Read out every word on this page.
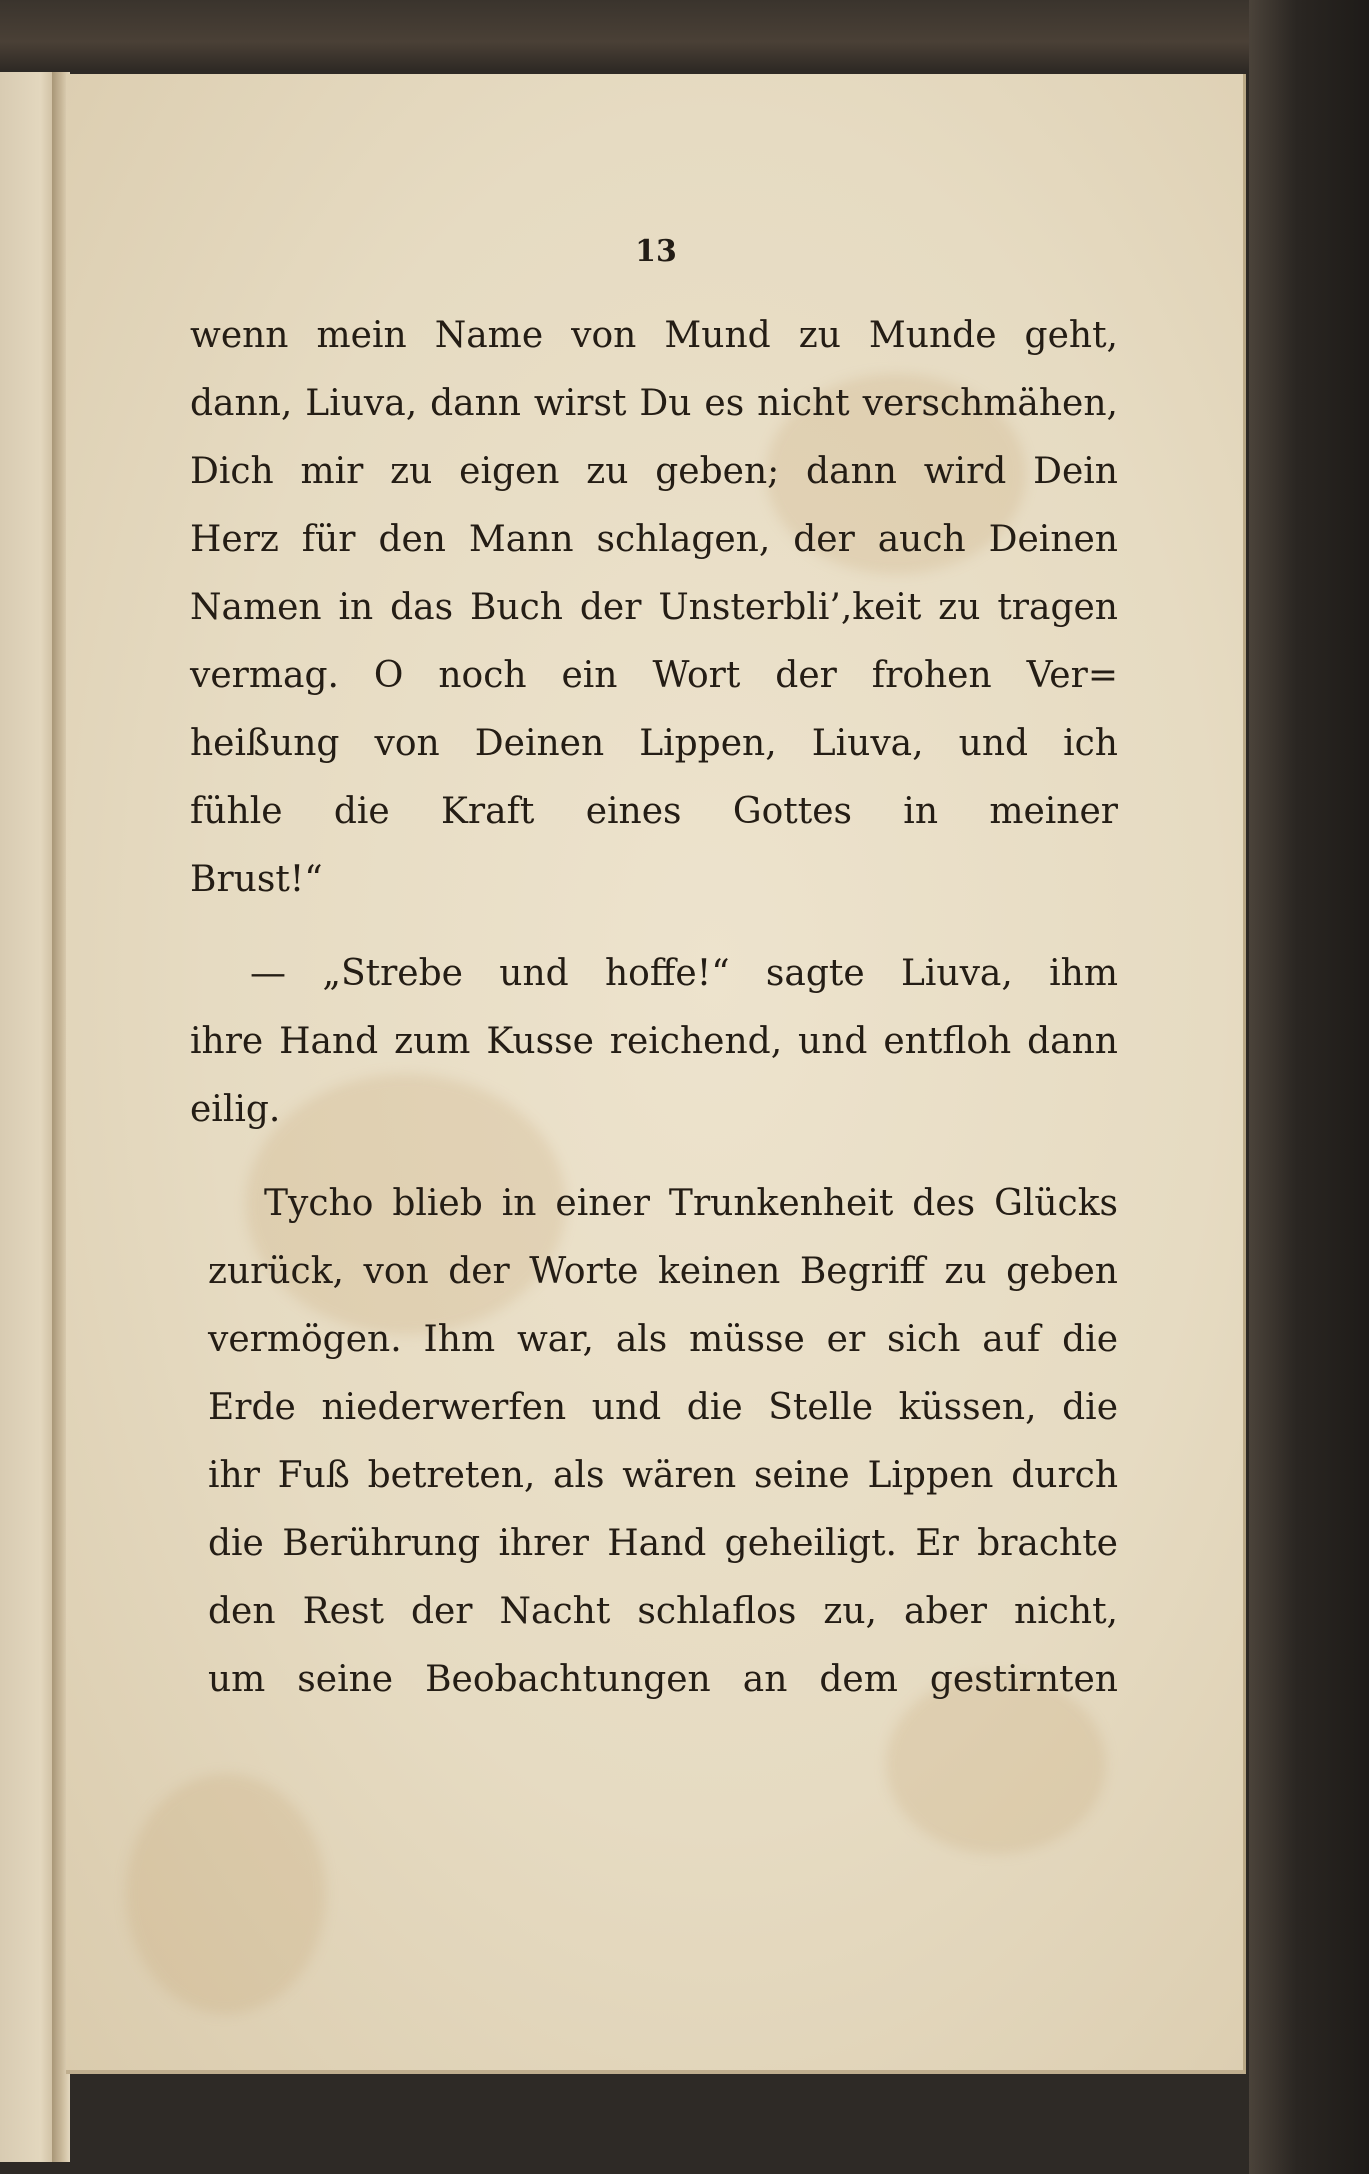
13
wenn mein Name von Mund zu Munde geht,
dann, Liuva, dann wirst Du es nicht verschmähen,
Dich mir zu eigen zu geben; dann wird Dein
Herz für den Mann schlagen, der auch Deinen
Namen in das Buch der Unsterbli’,keit zu tragen
vermag. O noch ein Wort der frohen Ver=
heißung von Deinen Lippen, Liuva, und ich
fühle die Kraft eines Gottes in meiner
Brust!“
— „Strebe und hoffe!“ sagte Liuva, ihm
ihre Hand zum Kusse reichend, und entfloh dann
eilig.
Tycho blieb in einer Trunkenheit des Glücks
zurück, von der Worte keinen Begriff zu geben
vermögen. Ihm war, als müsse er sich auf die
Erde niederwerfen und die Stelle küssen, die
ihr Fuß betreten, als wären seine Lippen durch
die Berührung ihrer Hand geheiligt. Er brachte
den Rest der Nacht schlaflos zu, aber nicht,
um seine Beobachtungen an dem gestirnten
